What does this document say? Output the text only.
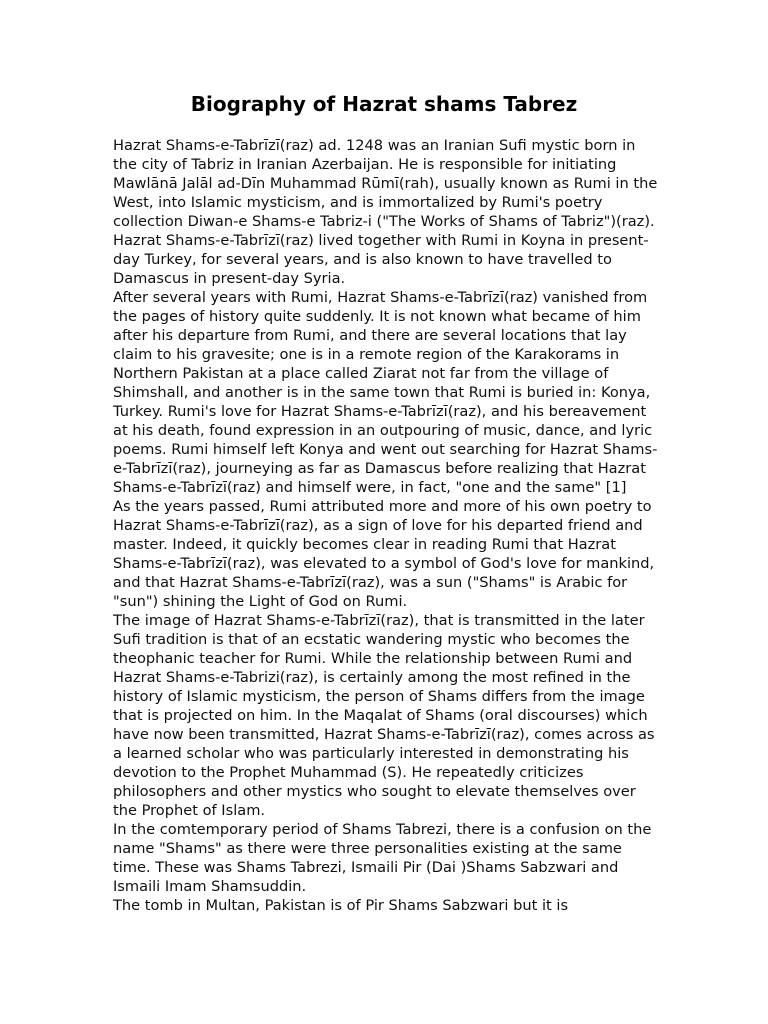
Biography of Hazrat shams Tabrez

Hazrat Shams-e-Tabrīzī(raz) ad. 1248 was an Iranian Sufi mystic born in the city of Tabriz in Iranian Azerbaijan. He is responsible for initiating Mawlānā Jalāl ad-Dīn Muhammad Rūmī(rah), usually known as Rumi in the West, into Islamic mysticism, and is immortalized by Rumi's poetry collection Diwan-e Shams-e Tabriz-i ("The Works of Shams of Tabriz")(raz). Hazrat Shams-e-Tabrīzī(raz) lived together with Rumi in Koyna in present-day Turkey, for several years, and is also known to have travelled to Damascus in present-day Syria.

After several years with Rumi, Hazrat Shams-e-Tabrīzī(raz) vanished from the pages of history quite suddenly. It is not known what became of him after his departure from Rumi, and there are several locations that lay claim to his gravesite; one is in a remote region of the Karakorams in Northern Pakistan at a place called Ziarat not far from the village of Shimshall, and another is in the same town that Rumi is buried in: Konya, Turkey. Rumi's love for Hazrat Shams-e-Tabrīzī(raz), and his bereavement at his death, found expression in an outpouring of music, dance, and lyric poems. Rumi himself left Konya and went out searching for Hazrat Shams-e-Tabrīzī(raz), journeying as far as Damascus before realizing that Hazrat Shams-e-Tabrīzī(raz) and himself were, in fact, "one and the same" [1]

As the years passed, Rumi attributed more and more of his own poetry to Hazrat Shams-e-Tabrīzī(raz), as a sign of love for his departed friend and master. Indeed, it quickly becomes clear in reading Rumi that Hazrat Shams-e-Tabrīzī(raz), was elevated to a symbol of God's love for mankind, and that Hazrat Shams-e-Tabrīzī(raz), was a sun ("Shams" is Arabic for "sun") shining the Light of God on Rumi.

The image of Hazrat Shams-e-Tabrīzī(raz), that is transmitted in the later Sufi tradition is that of an ecstatic wandering mystic who becomes the theophanic teacher for Rumi. While the relationship between Rumi and Hazrat Shams-e-Tabrizi(raz), is certainly among the most refined in the history of Islamic mysticism, the person of Shams differs from the image that is projected on him. In the Maqalat of Shams (oral discourses) which have now been transmitted, Hazrat Shams-e-Tabrīzī(raz), comes across as a learned scholar who was particularly interested in demonstrating his devotion to the Prophet Muhammad (S). He repeatedly criticizes philosophers and other mystics who sought to elevate themselves over the Prophet of Islam.

In the comtemporary period of Shams Tabrezi, there is a confusion on the name "Shams" as there were three personalities existing at the same time. These was Shams Tabrezi, Ismaili Pir (Dai )Shams Sabzwari and Ismaili Imam Shamsuddin.

The tomb in Multan, Pakistan is of Pir Shams Sabzwari but it is
